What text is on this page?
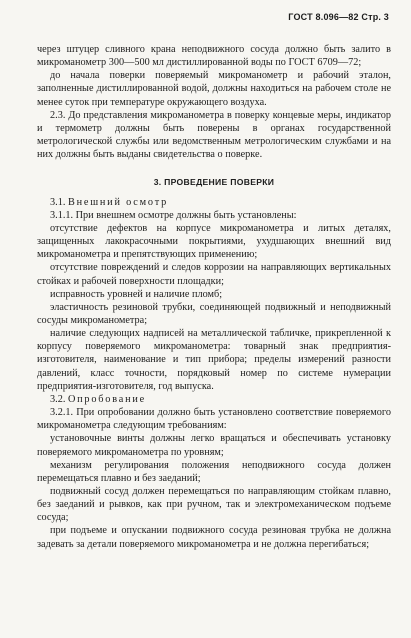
ГОСТ 8.096—82 Стр. 3

через штуцер сливного крана неподвижного сосуда должно быть залито в микроманометр 300—500 мл дистиллированной воды по ГОСТ 6709—72;

до начала поверки поверяемый микроманометр и рабочий эталон, заполненные дистиллированной водой, должны находиться на рабочем столе не менее суток при температуре окружающего воздуха.

2.3. До представления микроманометра в поверку концевые меры, индикатор и термометр должны быть поверены в органах государственной метрологической службы или ведомственным метрологическим службами и на них должны быть выданы свидетельства о поверке.

3. ПРОВЕДЕНИЕ ПОВЕРКИ

3.1. Внешний осмотр

3.1.1. При внешнем осмотре должны быть установлены:

отсутствие дефектов на корпусе микроманометра и литых деталях, защищенных лакокрасочными покрытиями, ухудшающих внешний вид микроманометра и препятствующих применению;

отсутствие повреждений и следов коррозии на направляющих вертикальных стойках и рабочей поверхности площадки;

исправность уровней и наличие пломб;

эластичность резиновой трубки, соединяющей подвижный и неподвижный сосуды микроманометра;

наличие следующих надписей на металлической табличке, прикрепленной к корпусу поверяемого микроманометра: товарный знак предприятия-изготовителя, наименование и тип прибора; пределы измерений разности давлений, класс точности, порядковый номер по системе нумерации предприятия-изготовителя, год выпуска.

3.2. Опробование

3.2.1. При опробовании должно быть установлено соответствие поверяемого микроманометра следующим требованиям:

установочные винты должны легко вращаться и обеспечивать установку поверяемого микроманометра по уровням;

механизм регулирования положения неподвижного сосуда должен перемещаться плавно и без заеданий;

подвижный сосуд должен перемещаться по направляющим стойкам плавно, без заеданий и рывков, как при ручном, так и электромеханическом подъеме сосуда;

при подъеме и опускании подвижного сосуда резиновая трубка не должна задевать за детали поверяемого микроманометра и не должна перегибаться;
